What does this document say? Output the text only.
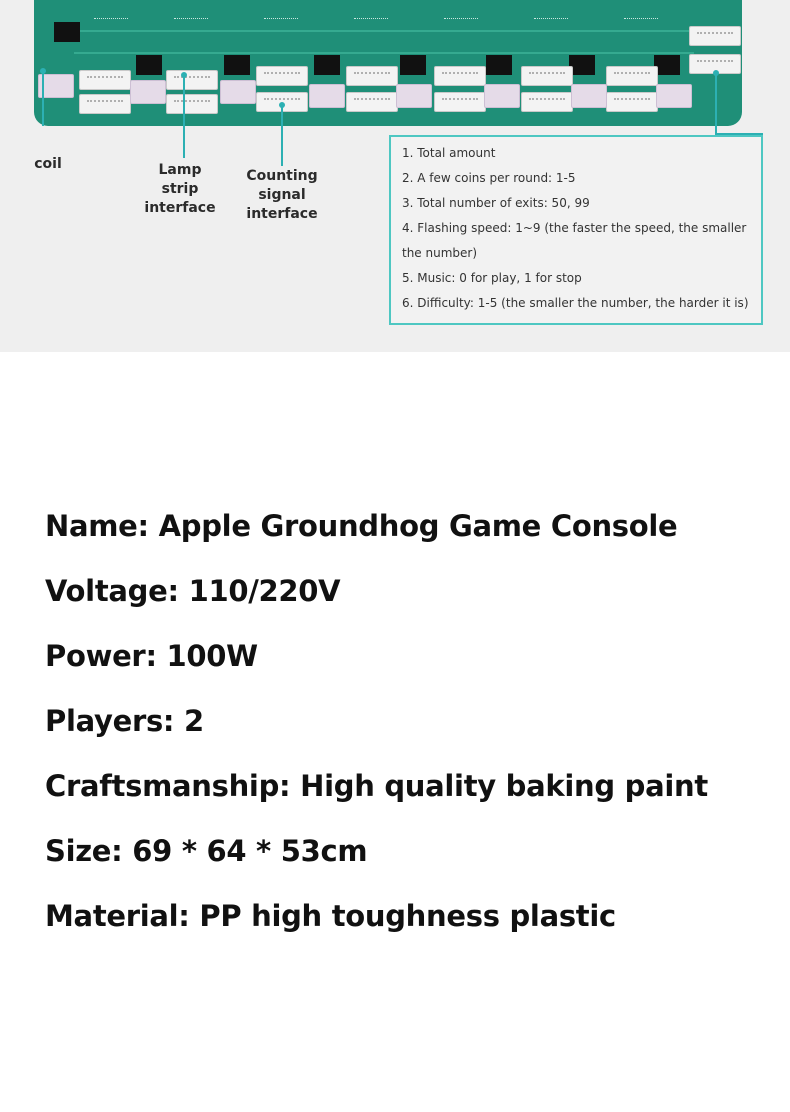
coil	Lamp strip interface
Counting signal interface

1. Total amount

2. A few coins per round: 1-5

3. Total number of exits: 50, 99

4. Flashing speed: 1~9 (the faster the speed, the smaller the number)

5. Music: 0 for play, 1 for stop

6. Difficulty: 1-5 (the smaller the number, the harder it is)

Name: Apple Groundhog Game Console

Voltage: 110/220V

Power: 100W

Players: 2

Craftsmanship: High quality baking paint

Size: 69 * 64 * 53cm

Material: PP high toughness plastic
